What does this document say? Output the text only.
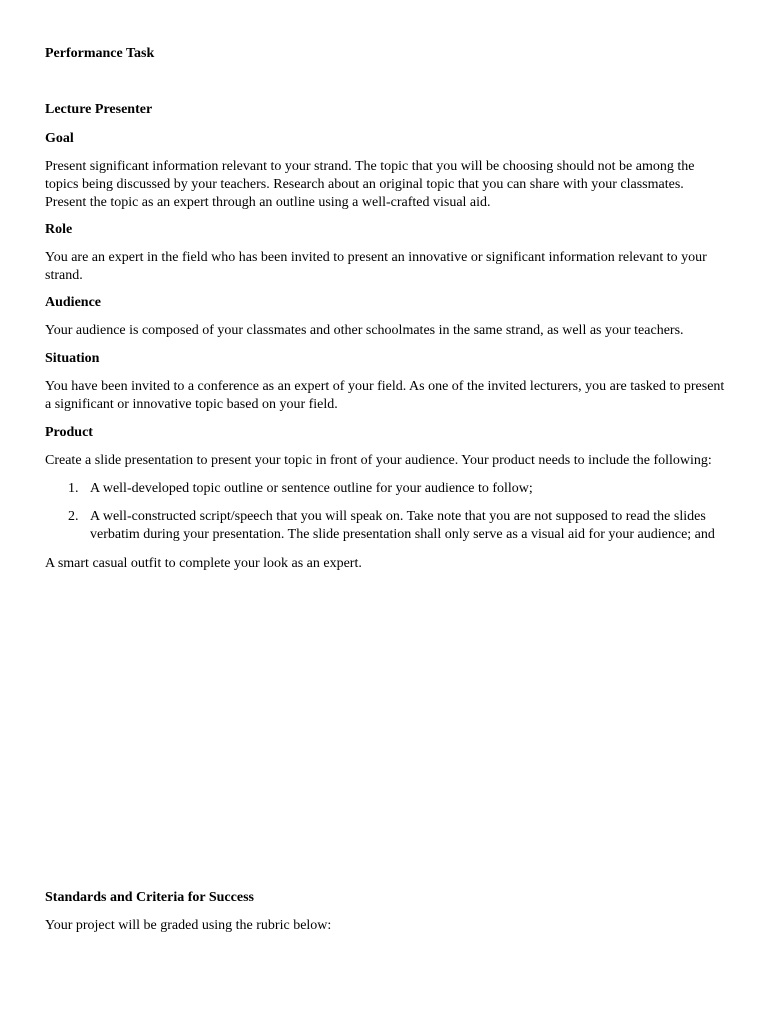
Performance Task

Lecture Presenter

Goal

Present significant information relevant to your strand. The topic that you will be choosing should not be among the topics being discussed by your teachers. Research about an original topic that you can share with your classmates. Present the topic as an expert through an outline using a well-crafted visual aid.

Role

You are an expert in the field who has been invited to present an innovative or significant information relevant to your strand.

Audience

Your audience is composed of your classmates and other schoolmates in the same strand, as well as your teachers.

Situation

You have been invited to a conference as an expert of your field. As one of the invited lecturers, you are tasked to present a significant or innovative topic based on your field.

Product

Create a slide presentation to present your topic in front of your audience. Your product needs to include the following:

1. A well-developed topic outline or sentence outline for your audience to follow;
2. A well-constructed script/speech that you will speak on. Take note that you are not supposed to read the slides verbatim during your presentation. The slide presentation shall only serve as a visual aid for your audience; and

A smart casual outfit to complete your look as an expert.

Standards and Criteria for Success

Your project will be graded using the rubric below:
